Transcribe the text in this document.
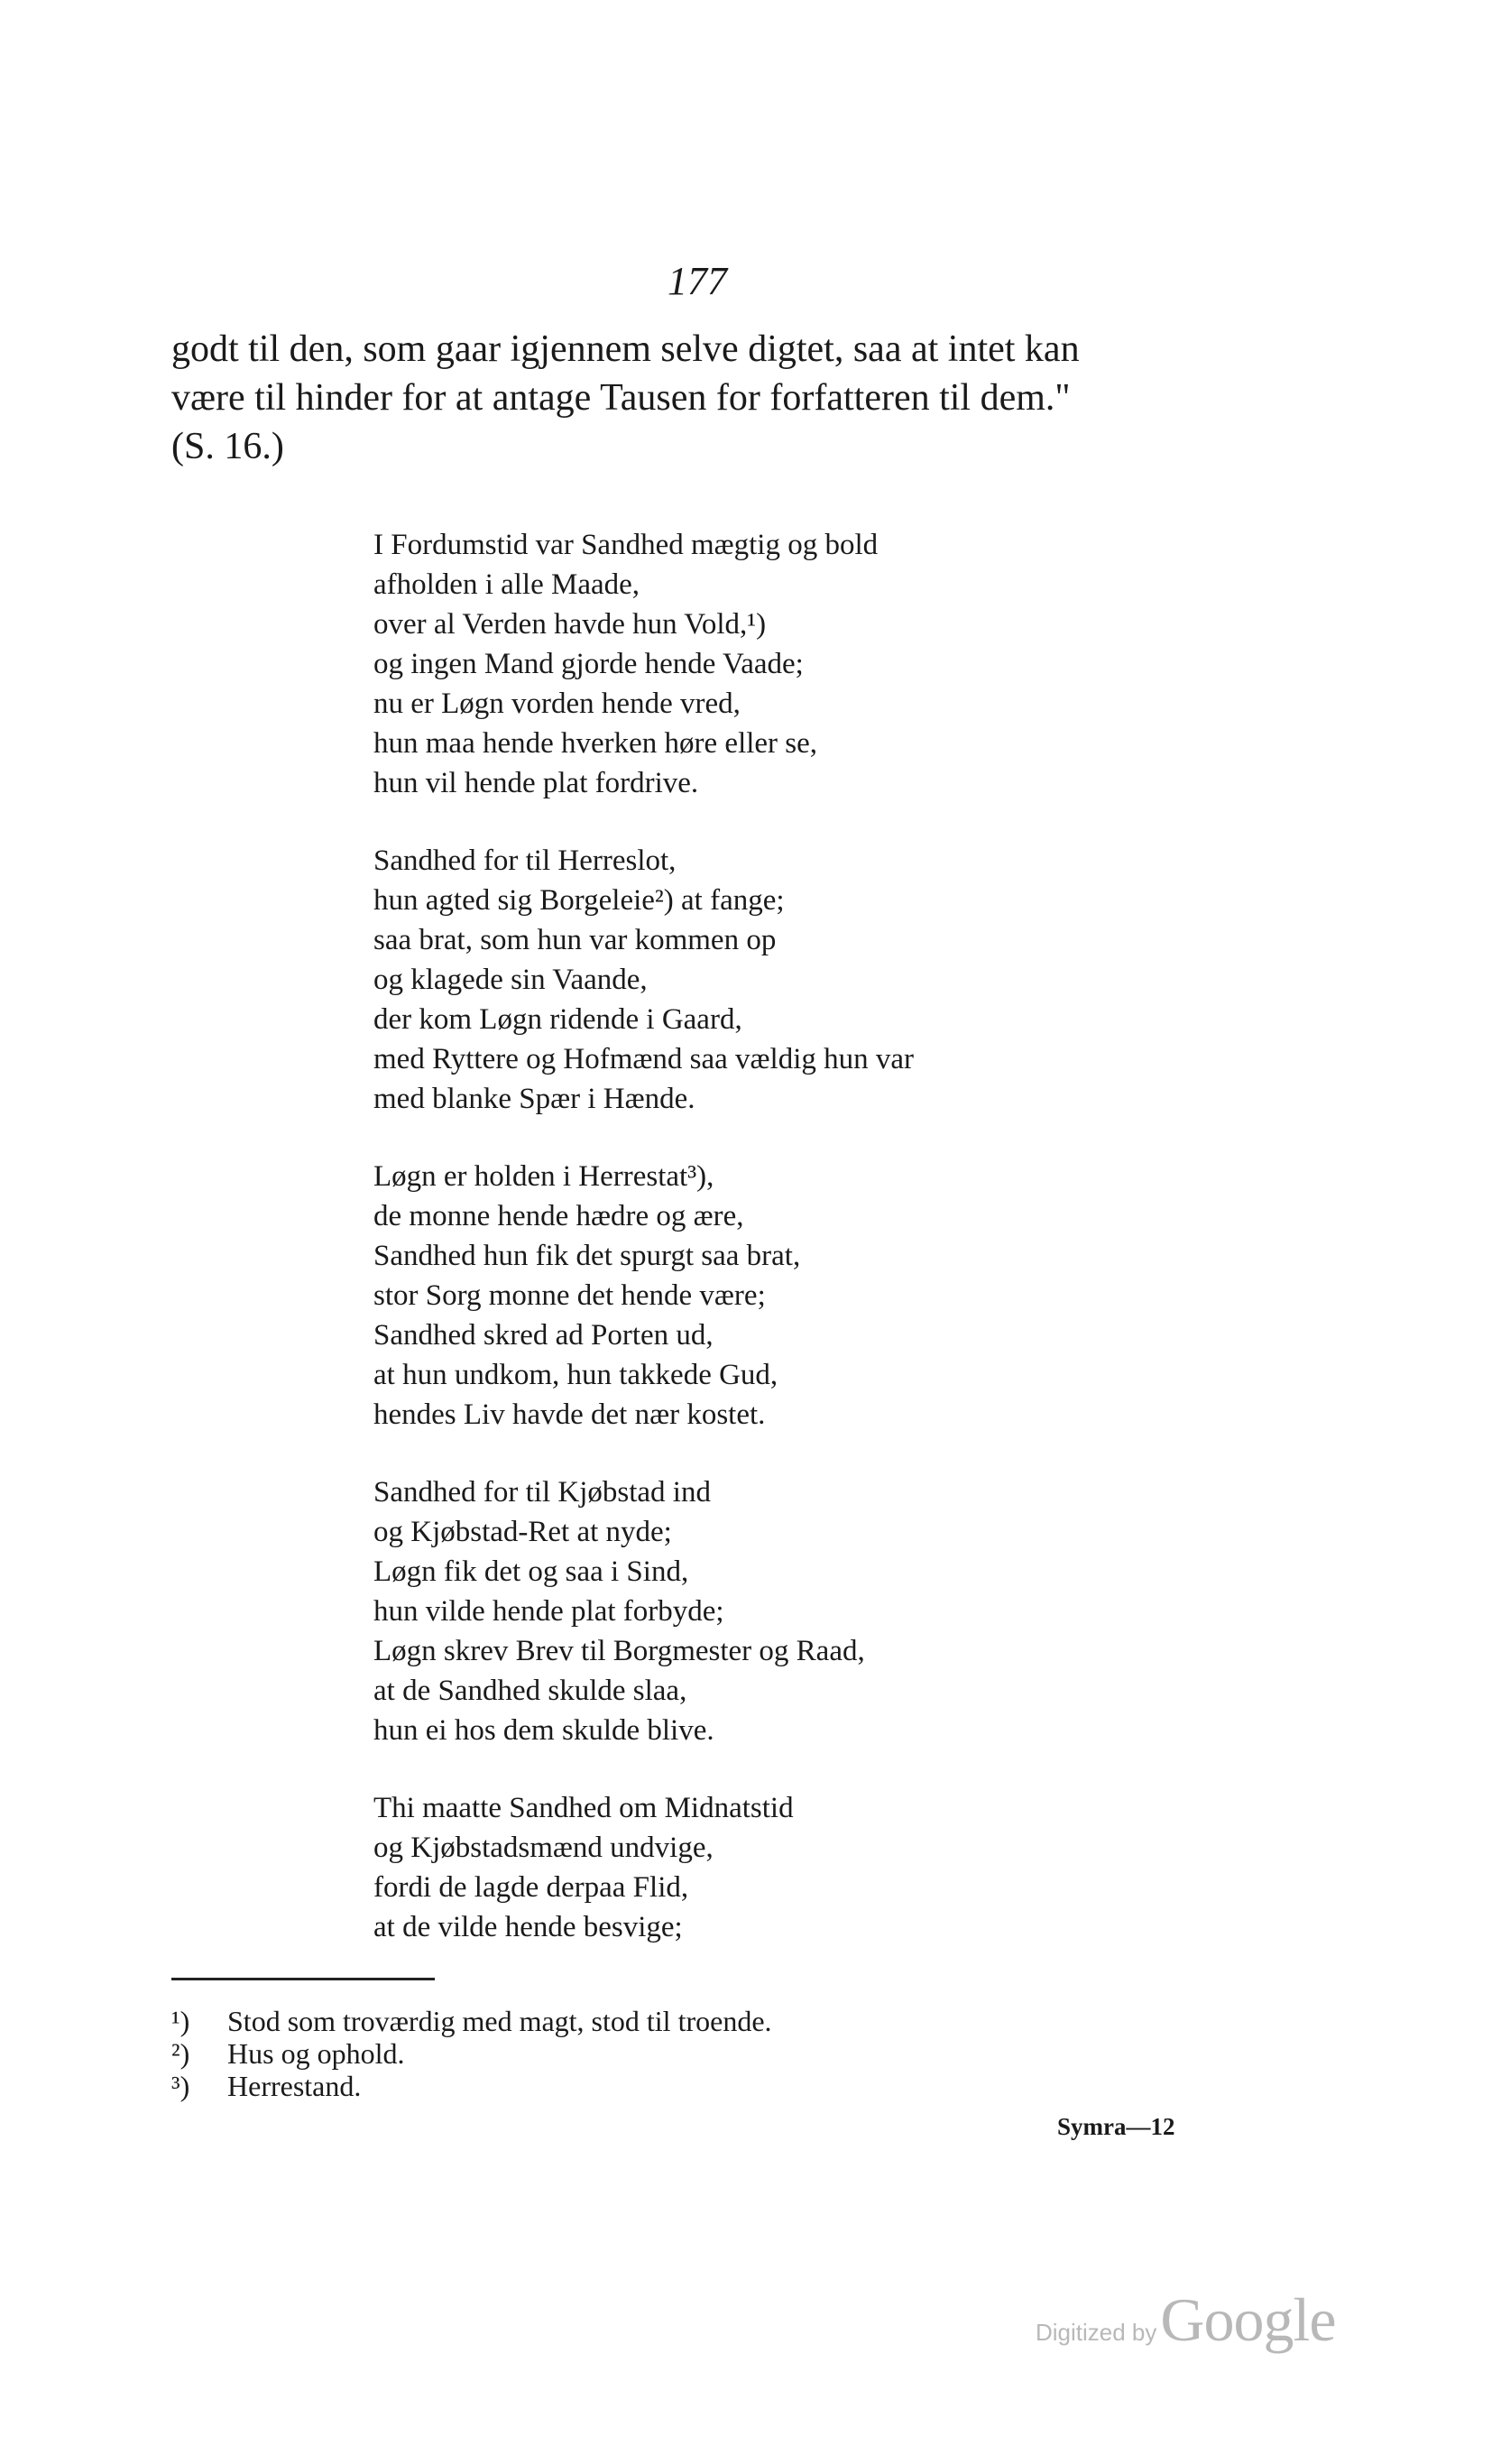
177
godt til den, som gaar igjennem selve digtet, saa at intet kan
være til hinder for at antage Tausen for forfatteren til dem."
(S. 16.)
I Fordumstid var Sandhed mægtig og bold
afholden i alle Maade,
over al Verden havde hun Vold,¹)
og ingen Mand gjorde hende Vaade;
nu er Løgn vorden hende vred,
hun maa hende hverken høre eller se,
hun vil hende plat fordrive.
Sandhed for til Herreslot,
hun agted sig Borgeleie²) at fange;
saa brat, som hun var kommen op
og klagede sin Vaande,
der kom Løgn ridende i Gaard,
med Ryttere og Hofmænd saa vældig hun var
med blanke Spær i Hænde.
Løgn er holden i Herrestat³),
de monne hende hædre og ære,
Sandhed hun fik det spurgt saa brat,
stor Sorg monne det hende være;
Sandhed skred ad Porten ud,
at hun undkom, hun takkede Gud,
hendes Liv havde det nær kostet.
Sandhed for til Kjøbstad ind
og Kjøbstad-Ret at nyde;
Løgn fik det og saa i Sind,
hun vilde hende plat forbyde;
Løgn skrev Brev til Borgmester og Raad,
at de Sandhed skulde slaa,
hun ei hos dem skulde blive.
Thi maatte Sandhed om Midnatstid
og Kjøbstadsmænd undvige,
fordi de lagde derpaa Flid,
at de vilde hende besvige;
¹) Stod som troværdig med magt, stod til troende.
²) Hus og ophold.
³) Herrestand.
Symra—12
Digitized by Google
